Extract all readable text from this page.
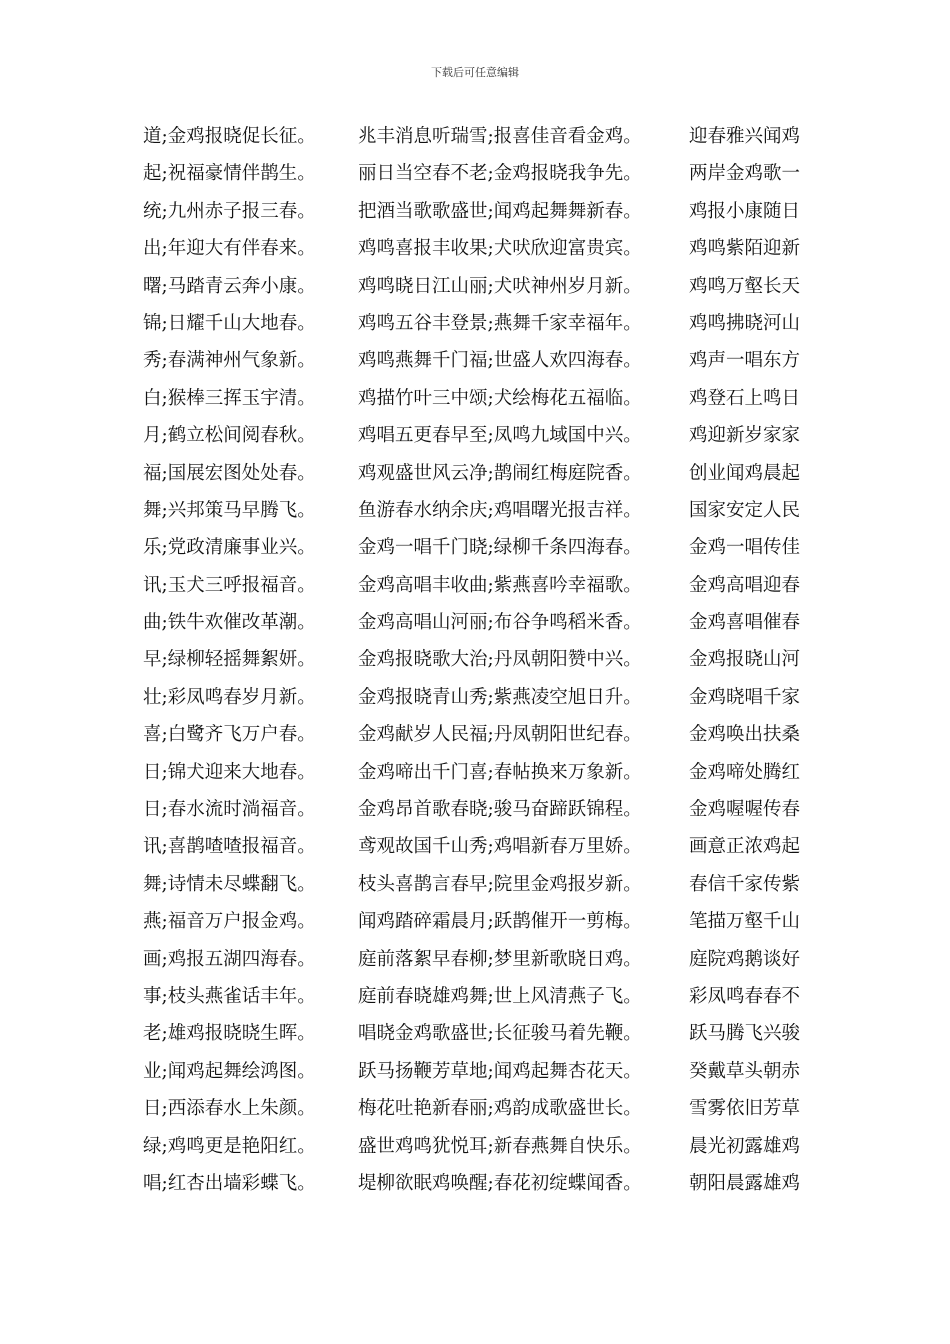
下载后可任意编辑
道;金鸡报晓促长征。 兆丰消息听瑞雪;报喜佳音看金鸡。	迎春雅兴闻鸡
起;祝福豪情伴鹊生。 丽日当空春不老;金鸡报晓我争先。	两岸金鸡歌一
统;九州赤子报三春。 把酒当歌歌盛世;闻鸡起舞舞新春。	鸡报小康随日
出;年迎大有伴春来。 鸡鸣喜报丰收果;犬吠欣迎富贵宾。	鸡鸣紫陌迎新
曙;马踏青云奔小康。 鸡鸣晓日江山丽;犬吠神州岁月新。	鸡鸣万壑长天
锦;日耀千山大地春。 鸡鸣五谷丰登景;燕舞千家幸福年。	鸡鸣拂晓河山
秀;春满神州气象新。 鸡鸣燕舞千门福;世盛人欢四海春。	鸡声一唱东方
白;猴棒三挥玉宇清。 鸡描竹叶三中颂;犬绘梅花五福临。	鸡登石上鸣日
月;鹤立松间阅春秋。 鸡唱五更春早至;凤鸣九域国中兴。	鸡迎新岁家家
福;国展宏图处处春。 鸡观盛世风云净;鹊闹红梅庭院香。	创业闻鸡晨起
舞;兴邦策马早腾飞。 鱼游春水纳余庆;鸡唱曙光报吉祥。	国家安定人民
乐;党政清廉事业兴。 金鸡一唱千门晓;绿柳千条四海春。	金鸡一唱传佳
讯;玉犬三呼报福音。 金鸡高唱丰收曲;紫燕喜吟幸福歌。	金鸡高唱迎春
曲;铁牛欢催改革潮。 金鸡高唱山河丽;布谷争鸣稻米香。	金鸡喜唱催春
早;绿柳轻摇舞絮妍。 金鸡报晓歌大治;丹凤朝阳赞中兴。	金鸡报晓山河
壮;彩凤鸣春岁月新。 金鸡报晓青山秀;紫燕凌空旭日升。	金鸡晓唱千家
喜;白鹭齐飞万户春。 金鸡献岁人民福;丹凤朝阳世纪春。	金鸡唤出扶桑
日;锦犬迎来大地春。 金鸡啼出千门喜;春帖换来万象新。	金鸡啼处腾红
日;春水流时淌福音。 金鸡昂首歌春晓;骏马奋蹄跃锦程。	金鸡喔喔传春
讯;喜鹊喳喳报福音。 鸢观故国千山秀;鸡唱新春万里娇。	画意正浓鸡起
舞;诗情未尽蝶翻飞。 枝头喜鹊言春早;院里金鸡报岁新。	春信千家传紫
燕;福音万户报金鸡。 闻鸡踏碎霜晨月;跃鹊催开一剪梅。	笔描万壑千山
画;鸡报五湖四海春。 庭前落絮早春柳;梦里新歌晓日鸡。	庭院鸡鹅谈好
事;枝头燕雀话丰年。 庭前春晓雄鸡舞;世上风清燕子飞。	彩凤鸣春春不
老;雄鸡报晓晓生晖。 唱晓金鸡歌盛世;长征骏马着先鞭。	跃马腾飞兴骏
业;闻鸡起舞绘鸿图。 跃马扬鞭芳草地;闻鸡起舞杏花天。	癸戴草头朝赤
日;西添春水上朱颜。 梅花吐艳新春丽;鸡韵成歌盛世长。	雪雾依旧芳草
绿;鸡鸣更是艳阳红。 盛世鸡鸣犹悦耳;新春燕舞自快乐。	晨光初露雄鸡
唱;红杏出墙彩蝶飞。 堤柳欲眠鸡唤醒;春花初绽蝶闻香。	朝阳晨露雄鸡
